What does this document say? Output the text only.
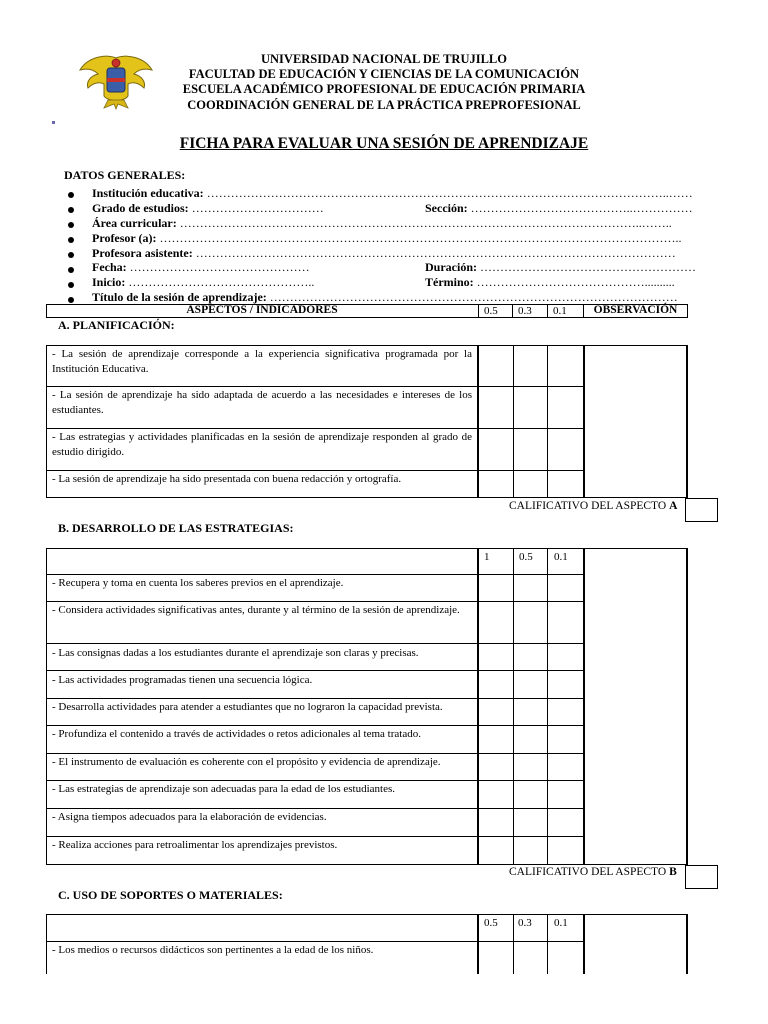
UNIVERSIDAD NACIONAL DE TRUJILLO
FACULTAD DE EDUCACIÓN Y CIENCIAS DE LA COMUNICACIÓN
ESCUELA ACADÉMICO PROFESIONAL DE EDUCACIÓN PRIMARIA
COORDINACIÓN GENERAL DE LA PRÁCTICA PREPROFESIONAL
FICHA PARA EVALUAR UNA SESIÓN DE APRENDIZAJE
DATOS GENERALES:
Institución educativa: ……………………………………………………………………………………………………..……
Grado de estudios: ……………………………	Sección: …………………………………..……………
Área curricular: ……………………………………………………………………………………………………..……..
Profesor (a): …………………………………………………………………………………………………………………..
Profesora asistente: …………………………………………………………………………………………………………
Fecha: ………………………………………	Duración: ………………………………………………
Inicio: ………………………………………..	Término: ……………………………………..........
Título de la sesión de aprendizaje: …………………………………………………………………………………………
ASPECTOS / INDICADORES	0.5 0.3 0.1	OBSERVACIÓN
A. PLANIFICACIÓN:
- La sesión de aprendizaje corresponde a la experiencia significativa programada por la Institución Educativa.
- La sesión de aprendizaje ha sido adaptada de acuerdo a las necesidades e intereses de los estudiantes.
- Las estrategias y actividades planificadas en la sesión de aprendizaje responden al grado de estudio dirigido.
- La sesión de aprendizaje ha sido presentada con buena redacción y ortografía.
CALIFICATIVO DEL ASPECTO A
B. DESARROLLO DE LAS ESTRATEGIAS:
1	0.5 0.1
- Recupera y toma en cuenta los saberes previos en el aprendizaje.
- Considera actividades significativas antes, durante y al término de la sesión de aprendizaje.
- Las consignas dadas a los estudiantes durante el aprendizaje son claras y precisas.
- Las actividades programadas tienen una secuencia lógica.
- Desarrolla actividades para atender a estudiantes que no lograron la capacidad prevista.
- Profundiza el contenido a través de actividades o retos adicionales al tema tratado.
- El instrumento de evaluación es coherente con el propósito y evidencia de aprendizaje.
- Las estrategias de aprendizaje son adecuadas para la edad de los estudiantes.
- Asigna tiempos adecuados para la elaboración de evidencias.
- Realiza acciones para retroalimentar los aprendizajes previstos.
CALIFICATIVO DEL ASPECTO B
C. USO DE SOPORTES O MATERIALES:
0.5 0.3 0.1
- Los medios o recursos didácticos son pertinentes a la edad de los niños.
